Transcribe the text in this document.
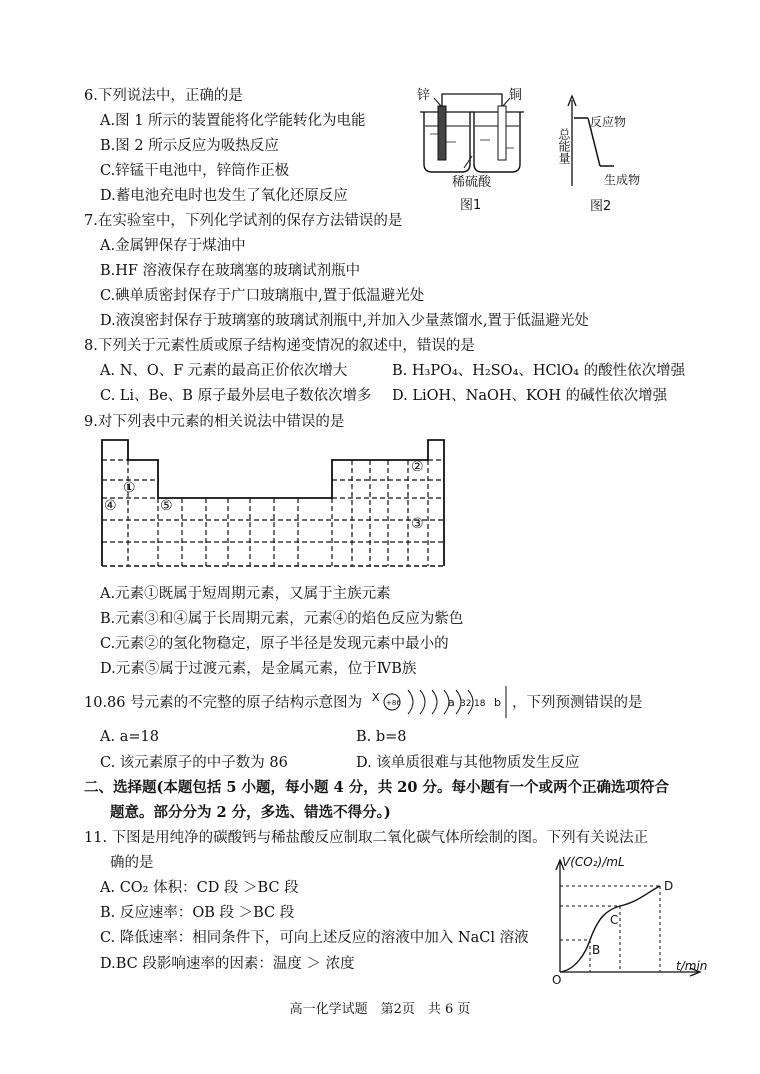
6.下列说法中，正确的是
A.图 1 所示的装置能将化学能转化为电能
B.图 2 所示反应为吸热反应
C.锌锰干电池中，锌筒作正极
D.蓄电池充电时也发生了氧化还原反应
锌	铜
稀硫酸
图1
总能量
反应物
生成物
图2
7.在实验室中，下列化学试剂的保存方法错误的是
A.金属钾保存于煤油中
B.HF 溶液保存在玻璃塞的玻璃试剂瓶中
C.碘单质密封保存于广口玻璃瓶中,置于低温避光处
D.液溴密封保存于玻璃塞的玻璃试剂瓶中,并加入少量蒸馏水,置于低温避光处
8.下列关于元素性质或原子结构递变情况的叙述中，错误的是
A. N、O、F 元素的最高正价依次增大	B. H₃PO₄、H₂SO₄、HClO₄ 的酸性依次增强
C. Li、Be、B 原子最外层电子数依次增多 D. LiOH、NaOH、KOH 的碱性依次增强
9.对下列表中元素的相关说法中错误的是
①
②
③
④	⑤
A.元素①既属于短周期元素，又属于主族元素
B.元素③和④属于长周期元素，元素④的焰色反应为紫色
C.元素②的氢化物稳定，原子半径是发现元素中最小的
D.元素⑤属于过渡元素，是金属元素，位于ⅣB族
10.86 号元素的不完整的原子结构示意图为 X +86	a 32 18 b ，下列预测错误的是
A. a=18	B. b=8
C. 该元素原子的中子数为 86	D. 该单质很难与其他物质发生反应
二、选择题(本题包括 5 小题，每小题 4 分，共 20 分。每小题有一个或两个正确选项符合
题意。部分分为 2 分，多选、错选不得分。)
11. 下图是用纯净的碳酸钙与稀盐酸反应制取二氧化碳气体所绘制的图。下列有关说法正
确的是
A. CO₂ 体积：CD 段 ＞BC 段
B. 反应速率：OB 段 ＞BC 段
C. 降低速率：相同条件下，可向上述反应的溶液中加入 NaCl 溶液
D.BC 段影响速率的因素：温度 ＞ 浓度
V(CO₂)/mL
t/min
O
B
C
D
高一化学试题　第2页　共 6 页
